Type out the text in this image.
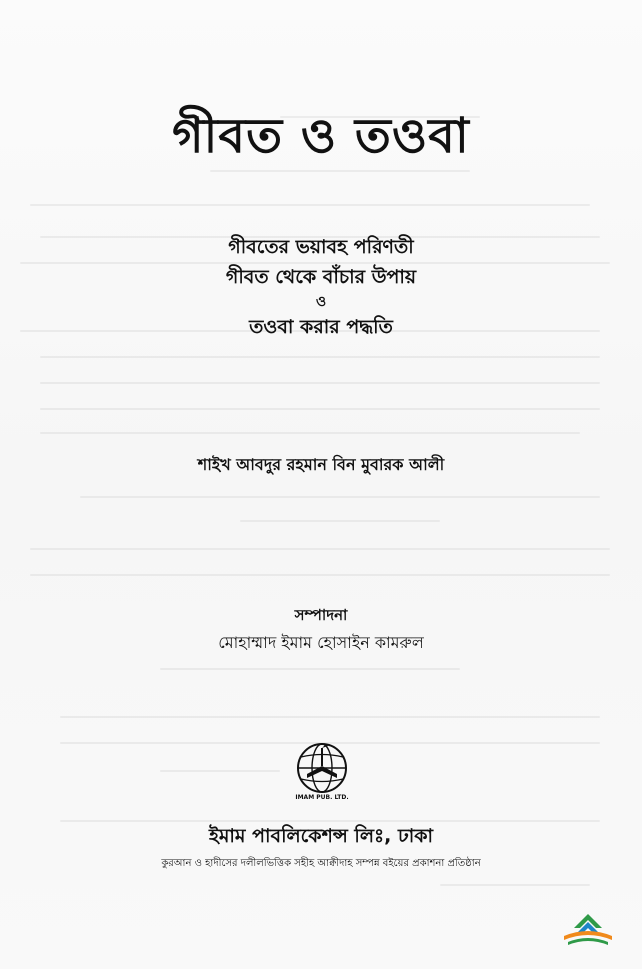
গীবত ও তওবা
গীবতের ভয়াবহ পরিণতী
গীবত থেকে বাঁচার উপায়
ও
তওবা করার পদ্ধতি
শাইখ আবদুর রহমান বিন মুবারক আলী
সম্পাদনা
মোহাম্মাদ ইমাম হোসাইন কামরুল
IMAM PUB. LTD.
ইমাম পাবলিকেশন্স লিঃ, ঢাকা
কুরআন ও হাদীসের দলীলভিত্তিক সহীহ আক্বীদাহ সম্পন্ন বইয়ের প্রকাশনা প্রতিষ্ঠান
